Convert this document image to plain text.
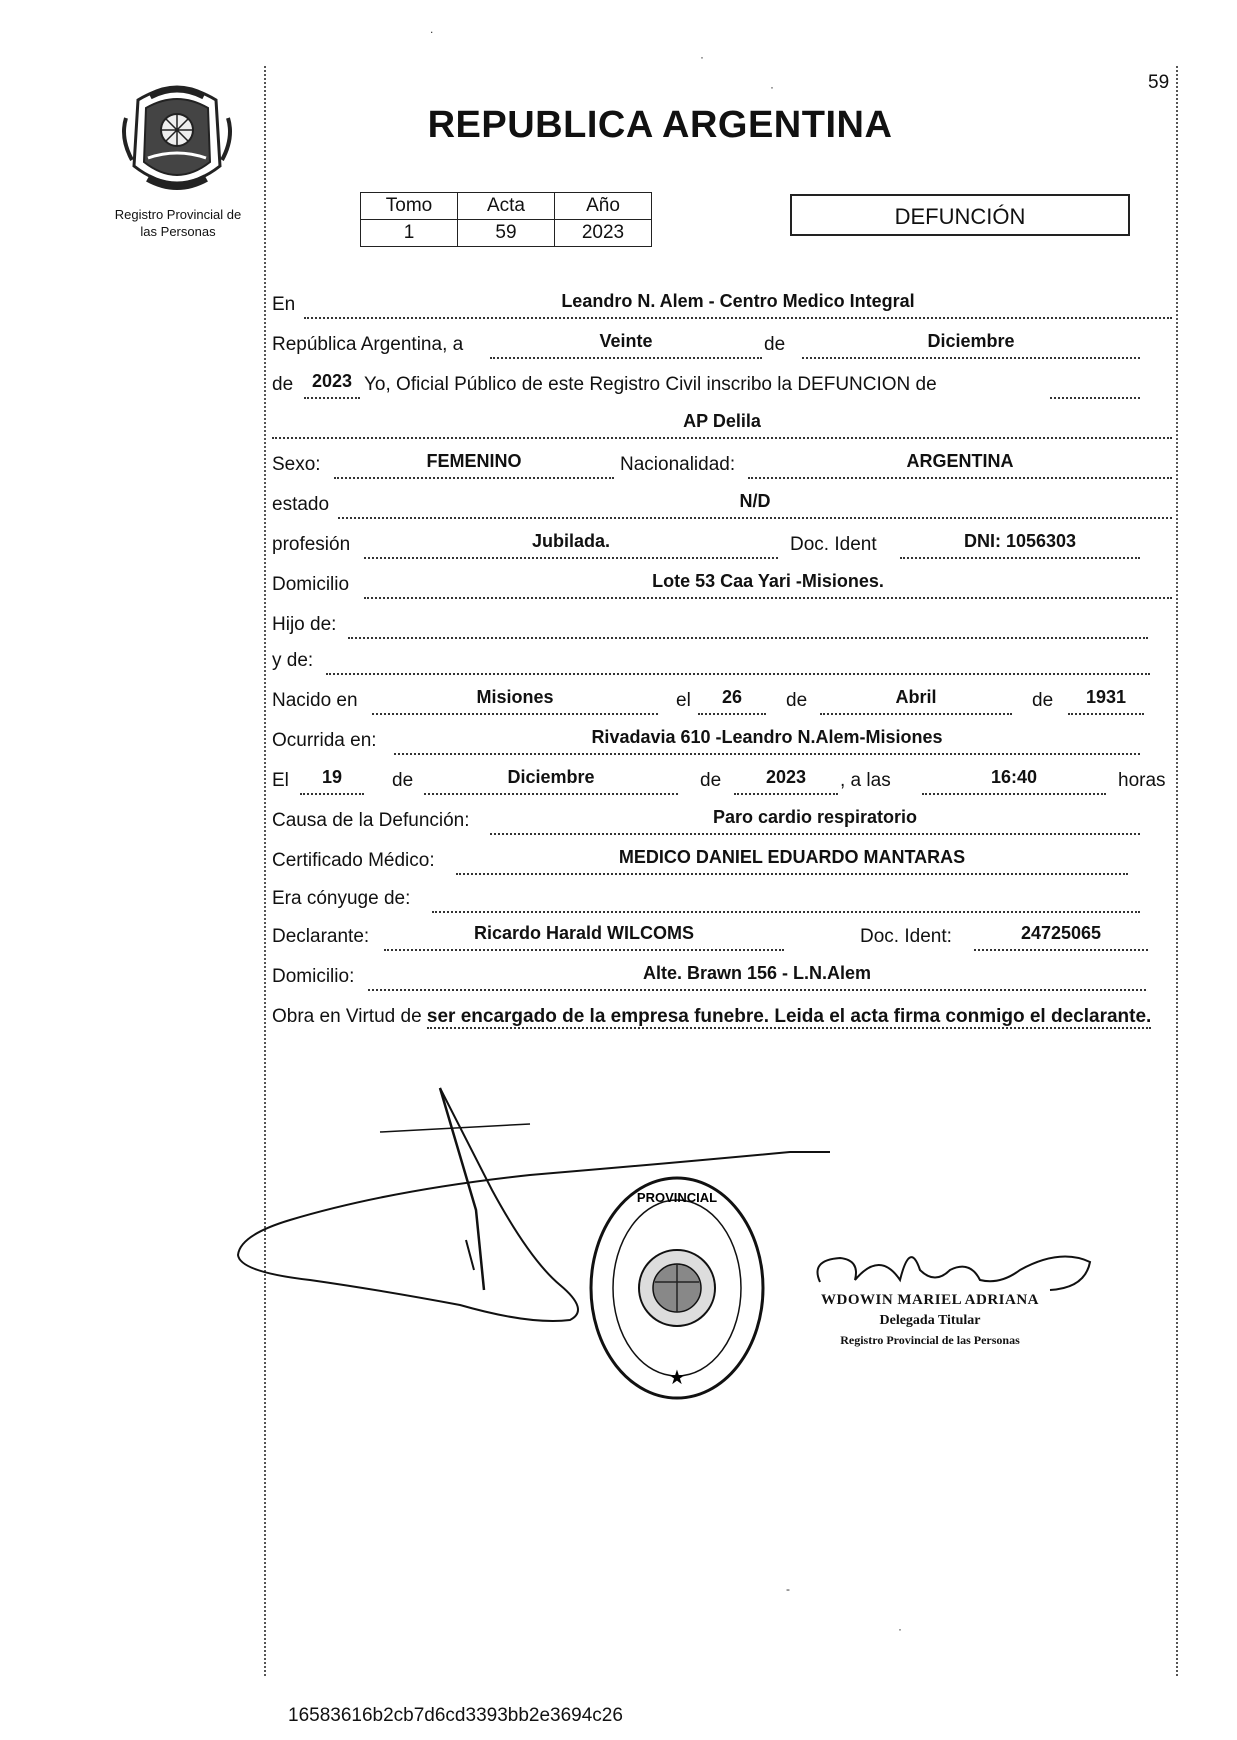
.
·
·
-
·
59
Registro Provincial de
las Personas
REPUBLICA ARGENTINA
Tomo	Acta	Año
1	59	2023
DEFUNCIÓN
En	Leandro N. Alem - Centro Medico Integral
República Argentina, a	Veinte	de	Diciembre
de	2023 Yo, Oficial Público de este Registro Civil inscribo la DEFUNCION de
AP Delila
Sexo:	FEMENINO	Nacionalidad:	ARGENTINA
estado	N/D
profesión	Jubilada.	Doc. Ident	DNI: 1056303
Domicilio	Lote 53 Caa Yari -Misiones.
Hijo de:
y de:
Nacido en	Misiones	el	26	de	Abril	de	1931
Ocurrida en:	Rivadavia 610 -Leandro N.Alem-Misiones
El	19	de	Diciembre	de	2023	, a las	16:40	horas
Causa de la Defunción:	Paro cardio respiratorio
Certificado Médico:	MEDICO DANIEL EDUARDO MANTARAS
Era cónyuge de:
Declarante:	Ricardo Harald WILCOMS	Doc. Ident:	24725065
Domicilio:	Alte. Brawn 156 - L.N.Alem
Obra en Virtud de ser encargado de la empresa funebre. Leida el acta firma conmigo el declarante.
PROVINCIAL
★
WDOWIN MARIEL ADRIANA
Delegada Titular
Registro Provincial de las Personas
16583616b2cb7d6cd3393bb2e3694c26
